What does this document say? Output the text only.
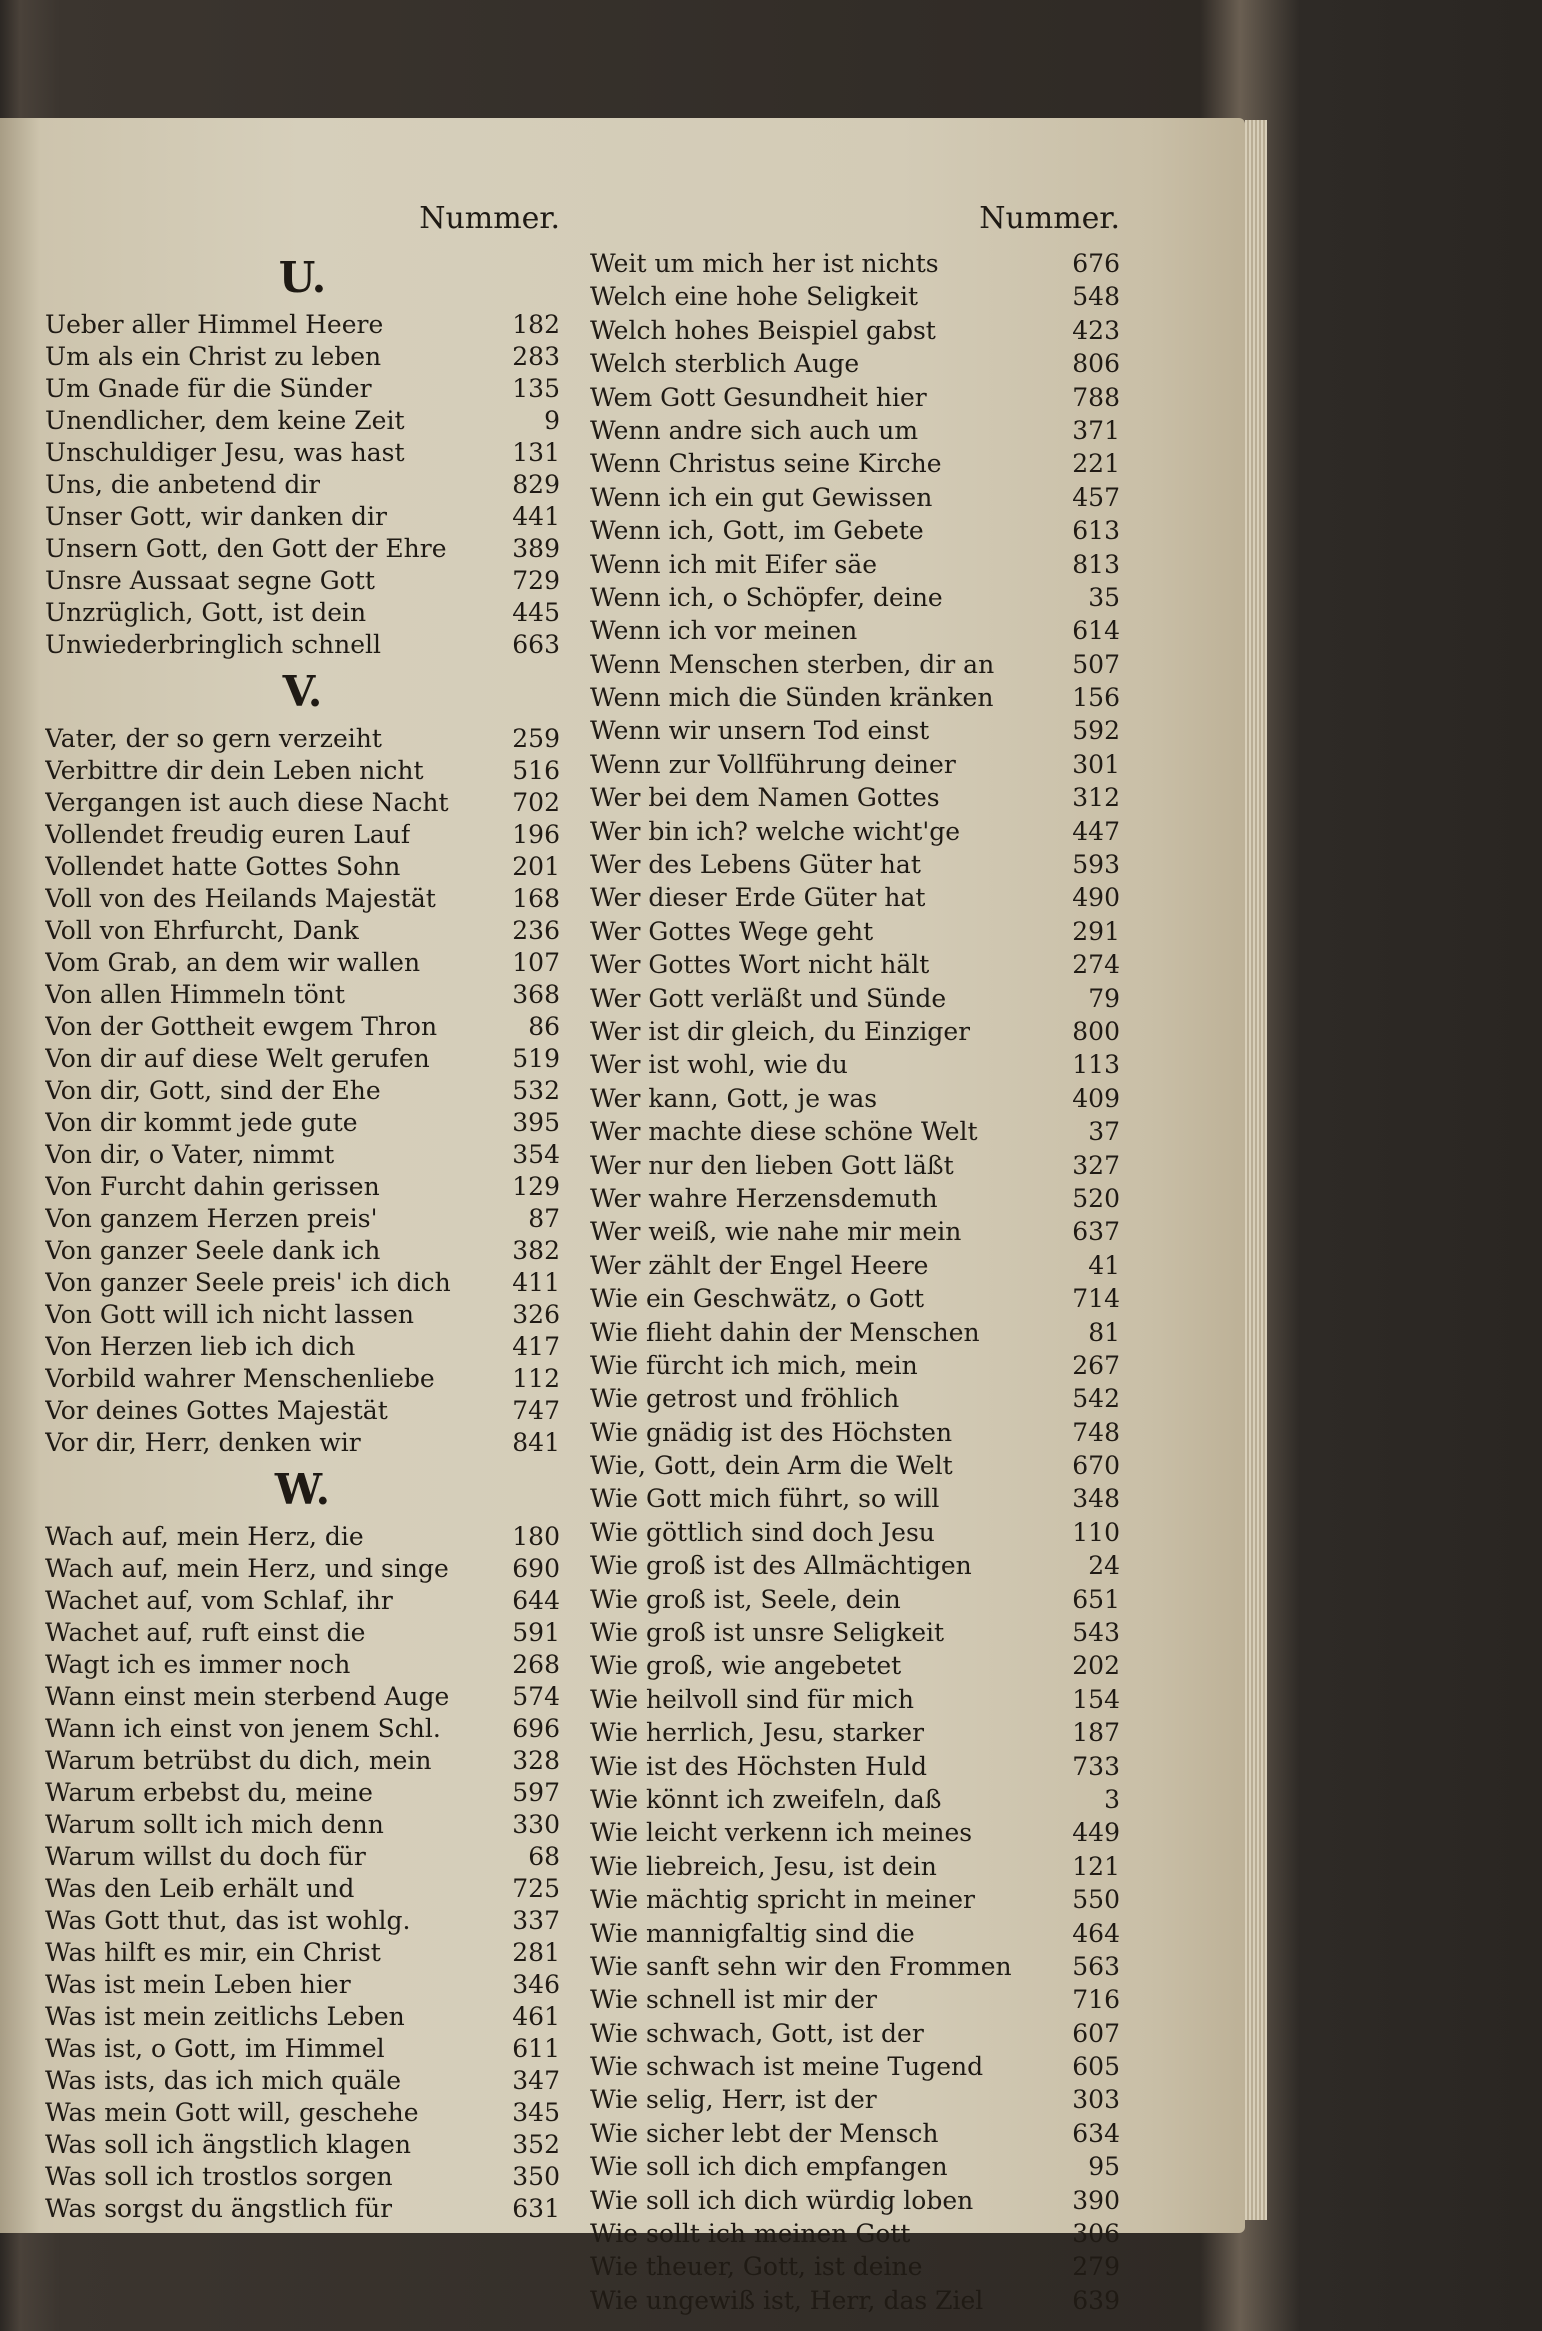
Nummer.
U.
Ueber aller Himmel Heere	182
Um als ein Christ zu leben	283
Um Gnade für die Sünder	135
Unendlicher, dem keine Zeit	9
Unschuldiger Jesu, was hast	131
Uns, die anbetend dir	829
Unser Gott, wir danken dir	441
Unsern Gott, den Gott der Ehre	389
Unsre Aussaat segne Gott	729
Unzrüglich, Gott, ist dein	445
Unwiederbringlich schnell	663
V.
Vater, der so gern verzeiht	259
Verbittre dir dein Leben nicht	516
Vergangen ist auch diese Nacht	702
Vollendet freudig euren Lauf	196
Vollendet hatte Gottes Sohn	201
Voll von des Heilands Majestät	168
Voll von Ehrfurcht, Dank	236
Vom Grab, an dem wir wallen	107
Von allen Himmeln tönt	368
Von der Gottheit ewgem Thron	86
Von dir auf diese Welt gerufen	519
Von dir, Gott, sind der Ehe	532
Von dir kommt jede gute	395
Von dir, o Vater, nimmt	354
Von Furcht dahin gerissen	129
Von ganzem Herzen preis'	87
Von ganzer Seele dank ich	382
Von ganzer Seele preis' ich dich	411
Von Gott will ich nicht lassen	326
Von Herzen lieb ich dich	417
Vorbild wahrer Menschenliebe	112
Vor deines Gottes Majestät	747
Vor dir, Herr, denken wir	841
W.
Wach auf, mein Herz, die	180
Wach auf, mein Herz, und singe	690
Wachet auf, vom Schlaf, ihr	644
Wachet auf, ruft einst die	591
Wagt ich es immer noch	268
Wann einst mein sterbend Auge	574
Wann ich einst von jenem Schl.	696
Warum betrübst du dich, mein	328
Warum erbebst du, meine	597
Warum sollt ich mich denn	330
Warum willst du doch für	68
Was den Leib erhält und	725
Was Gott thut, das ist wohlg.	337
Was hilft es mir, ein Christ	281
Was ist mein Leben hier	346
Was ist mein zeitlichs Leben	461
Was ist, o Gott, im Himmel	611
Was ists, das ich mich quäle	347
Was mein Gott will, geschehe	345
Was soll ich ängstlich klagen	352
Was soll ich trostlos sorgen	350
Was sorgst du ängstlich für	631
Nummer.
Weit um mich her ist nichts	676
Welch eine hohe Seligkeit	548
Welch hohes Beispiel gabst	423
Welch sterblich Auge	806
Wem Gott Gesundheit hier	788
Wenn andre sich auch um	371
Wenn Christus seine Kirche	221
Wenn ich ein gut Gewissen	457
Wenn ich, Gott, im Gebete	613
Wenn ich mit Eifer säe	813
Wenn ich, o Schöpfer, deine	35
Wenn ich vor meinen	614
Wenn Menschen sterben, dir an	507
Wenn mich die Sünden kränken	156
Wenn wir unsern Tod einst	592
Wenn zur Vollführung deiner	301
Wer bei dem Namen Gottes	312
Wer bin ich? welche wicht'ge	447
Wer des Lebens Güter hat	593
Wer dieser Erde Güter hat	490
Wer Gottes Wege geht	291
Wer Gottes Wort nicht hält	274
Wer Gott verläßt und Sünde	79
Wer ist dir gleich, du Einziger	800
Wer ist wohl, wie du	113
Wer kann, Gott, je was	409
Wer machte diese schöne Welt	37
Wer nur den lieben Gott läßt	327
Wer wahre Herzensdemuth	520
Wer weiß, wie nahe mir mein	637
Wer zählt der Engel Heere	41
Wie ein Geschwätz, o Gott	714
Wie flieht dahin der Menschen	81
Wie fürcht ich mich, mein	267
Wie getrost und fröhlich	542
Wie gnädig ist des Höchsten	748
Wie, Gott, dein Arm die Welt	670
Wie Gott mich führt, so will	348
Wie göttlich sind doch Jesu	110
Wie groß ist des Allmächtigen	24
Wie groß ist, Seele, dein	651
Wie groß ist unsre Seligkeit	543
Wie groß, wie angebetet	202
Wie heilvoll sind für mich	154
Wie herrlich, Jesu, starker	187
Wie ist des Höchsten Huld	733
Wie könnt ich zweifeln, daß	3
Wie leicht verkenn ich meines	449
Wie liebreich, Jesu, ist dein	121
Wie mächtig spricht in meiner	550
Wie mannigfaltig sind die	464
Wie sanft sehn wir den Frommen	563
Wie schnell ist mir der	716
Wie schwach, Gott, ist der	607
Wie schwach ist meine Tugend	605
Wie selig, Herr, ist der	303
Wie sicher lebt der Mensch	634
Wie soll ich dich empfangen	95
Wie soll ich dich würdig loben	390
Wie sollt ich meinen Gott	306
Wie theuer, Gott, ist deine	279
Wie ungewiß ist, Herr, das Ziel	639
